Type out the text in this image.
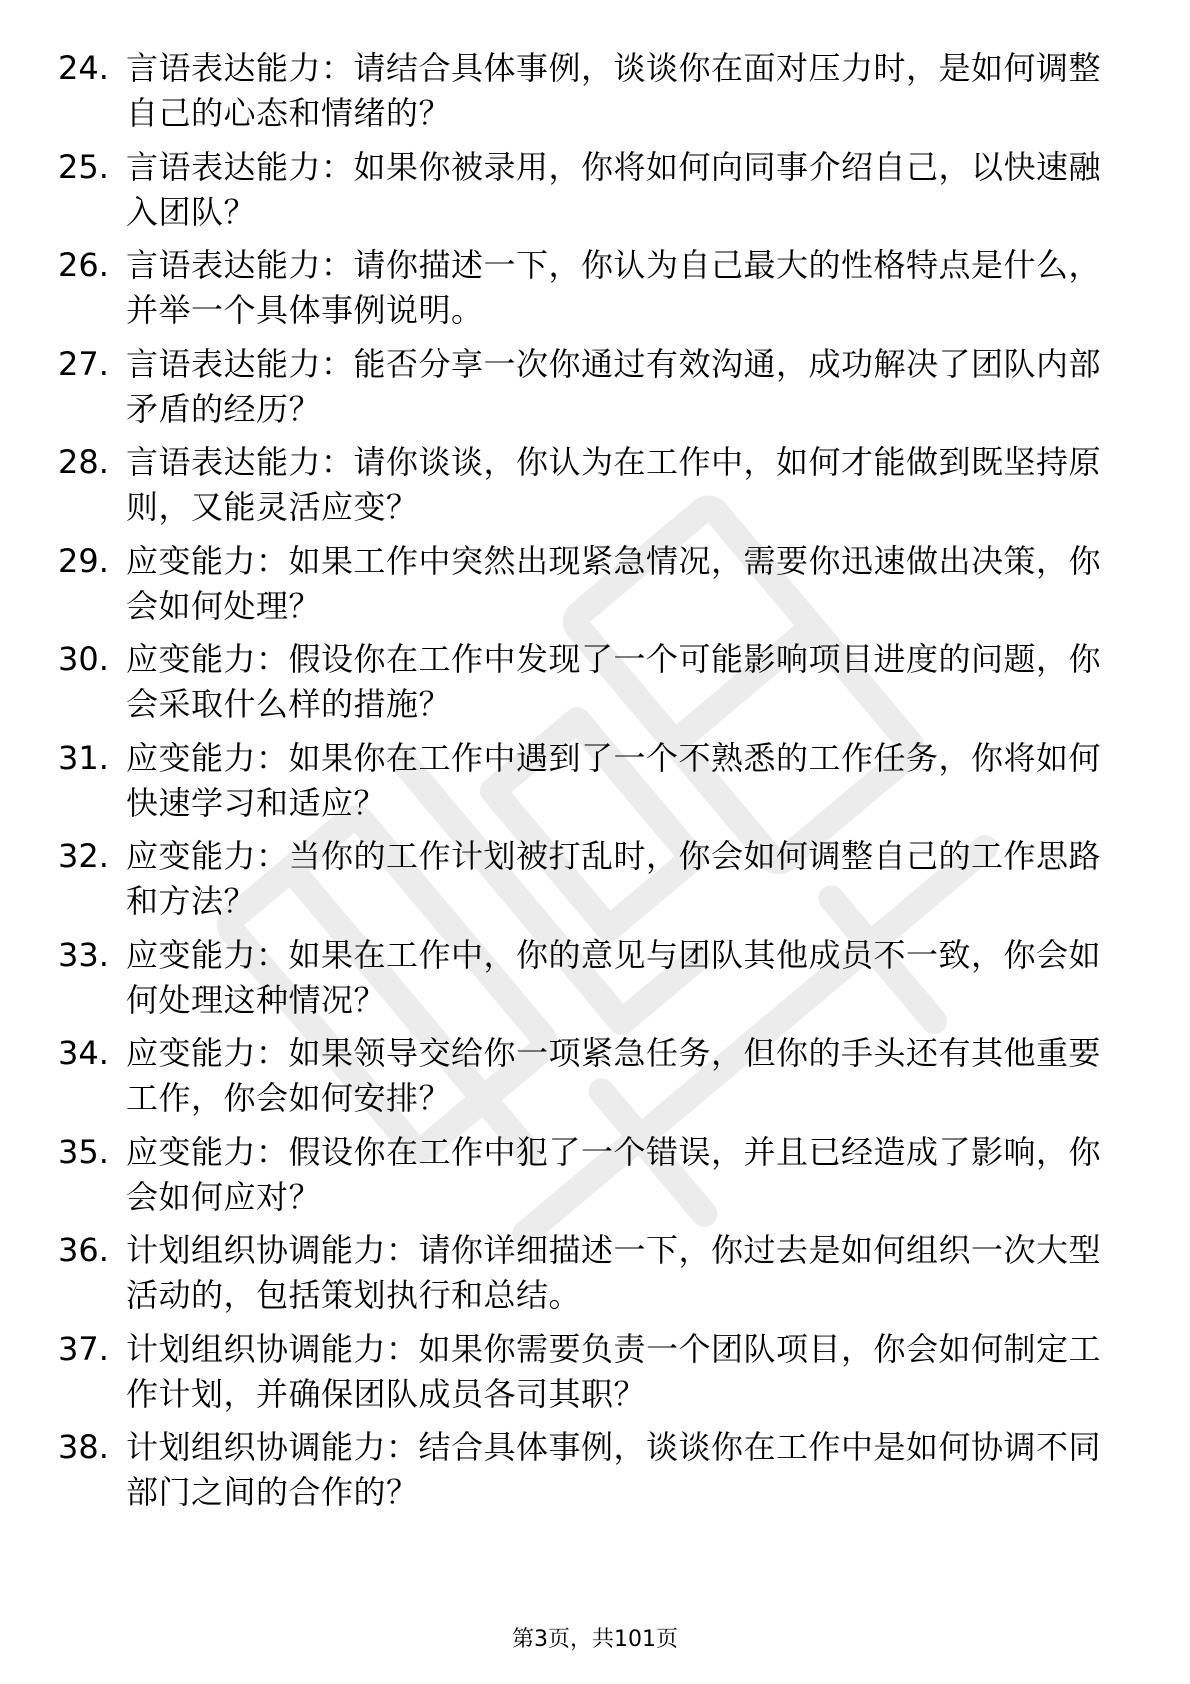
24. 言语表达能力：请结合具体事例，谈谈你在面对压力时，是如何调整自己的心态和情绪的？
25. 言语表达能力：如果你被录用，你将如何向同事介绍自己，以快速融入团队？
26. 言语表达能力：请你描述一下，你认为自己最大的性格特点是什么，并举一个具体事例说明。
27. 言语表达能力：能否分享一次你通过有效沟通，成功解决了团队内部矛盾的经历？
28. 言语表达能力：请你谈谈，你认为在工作中，如何才能做到既坚持原则，又能灵活应变？
29. 应变能力：如果工作中突然出现紧急情况，需要你迅速做出决策，你会如何处理？
30. 应变能力：假设你在工作中发现了一个可能影响项目进度的问题，你会采取什么样的措施？
31. 应变能力：如果你在工作中遇到了一个不熟悉的工作任务，你将如何快速学习和适应？
32. 应变能力：当你的工作计划被打乱时，你会如何调整自己的工作思路和方法？
33. 应变能力：如果在工作中，你的意见与团队其他成员不一致，你会如何处理这种情况？
34. 应变能力：如果领导交给你一项紧急任务，但你的手头还有其他重要工作，你会如何安排？
35. 应变能力：假设你在工作中犯了一个错误，并且已经造成了影响，你会如何应对？
36. 计划组织协调能力：请你详细描述一下，你过去是如何组织一次大型活动的，包括策划执行和总结。
37. 计划组织协调能力：如果你需要负责一个团队项目，你会如何制定工作计划，并确保团队成员各司其职？
38. 计划组织协调能力：结合具体事例，谈谈你在工作中是如何协调不同部门之间的合作的？
第3页，共101页
